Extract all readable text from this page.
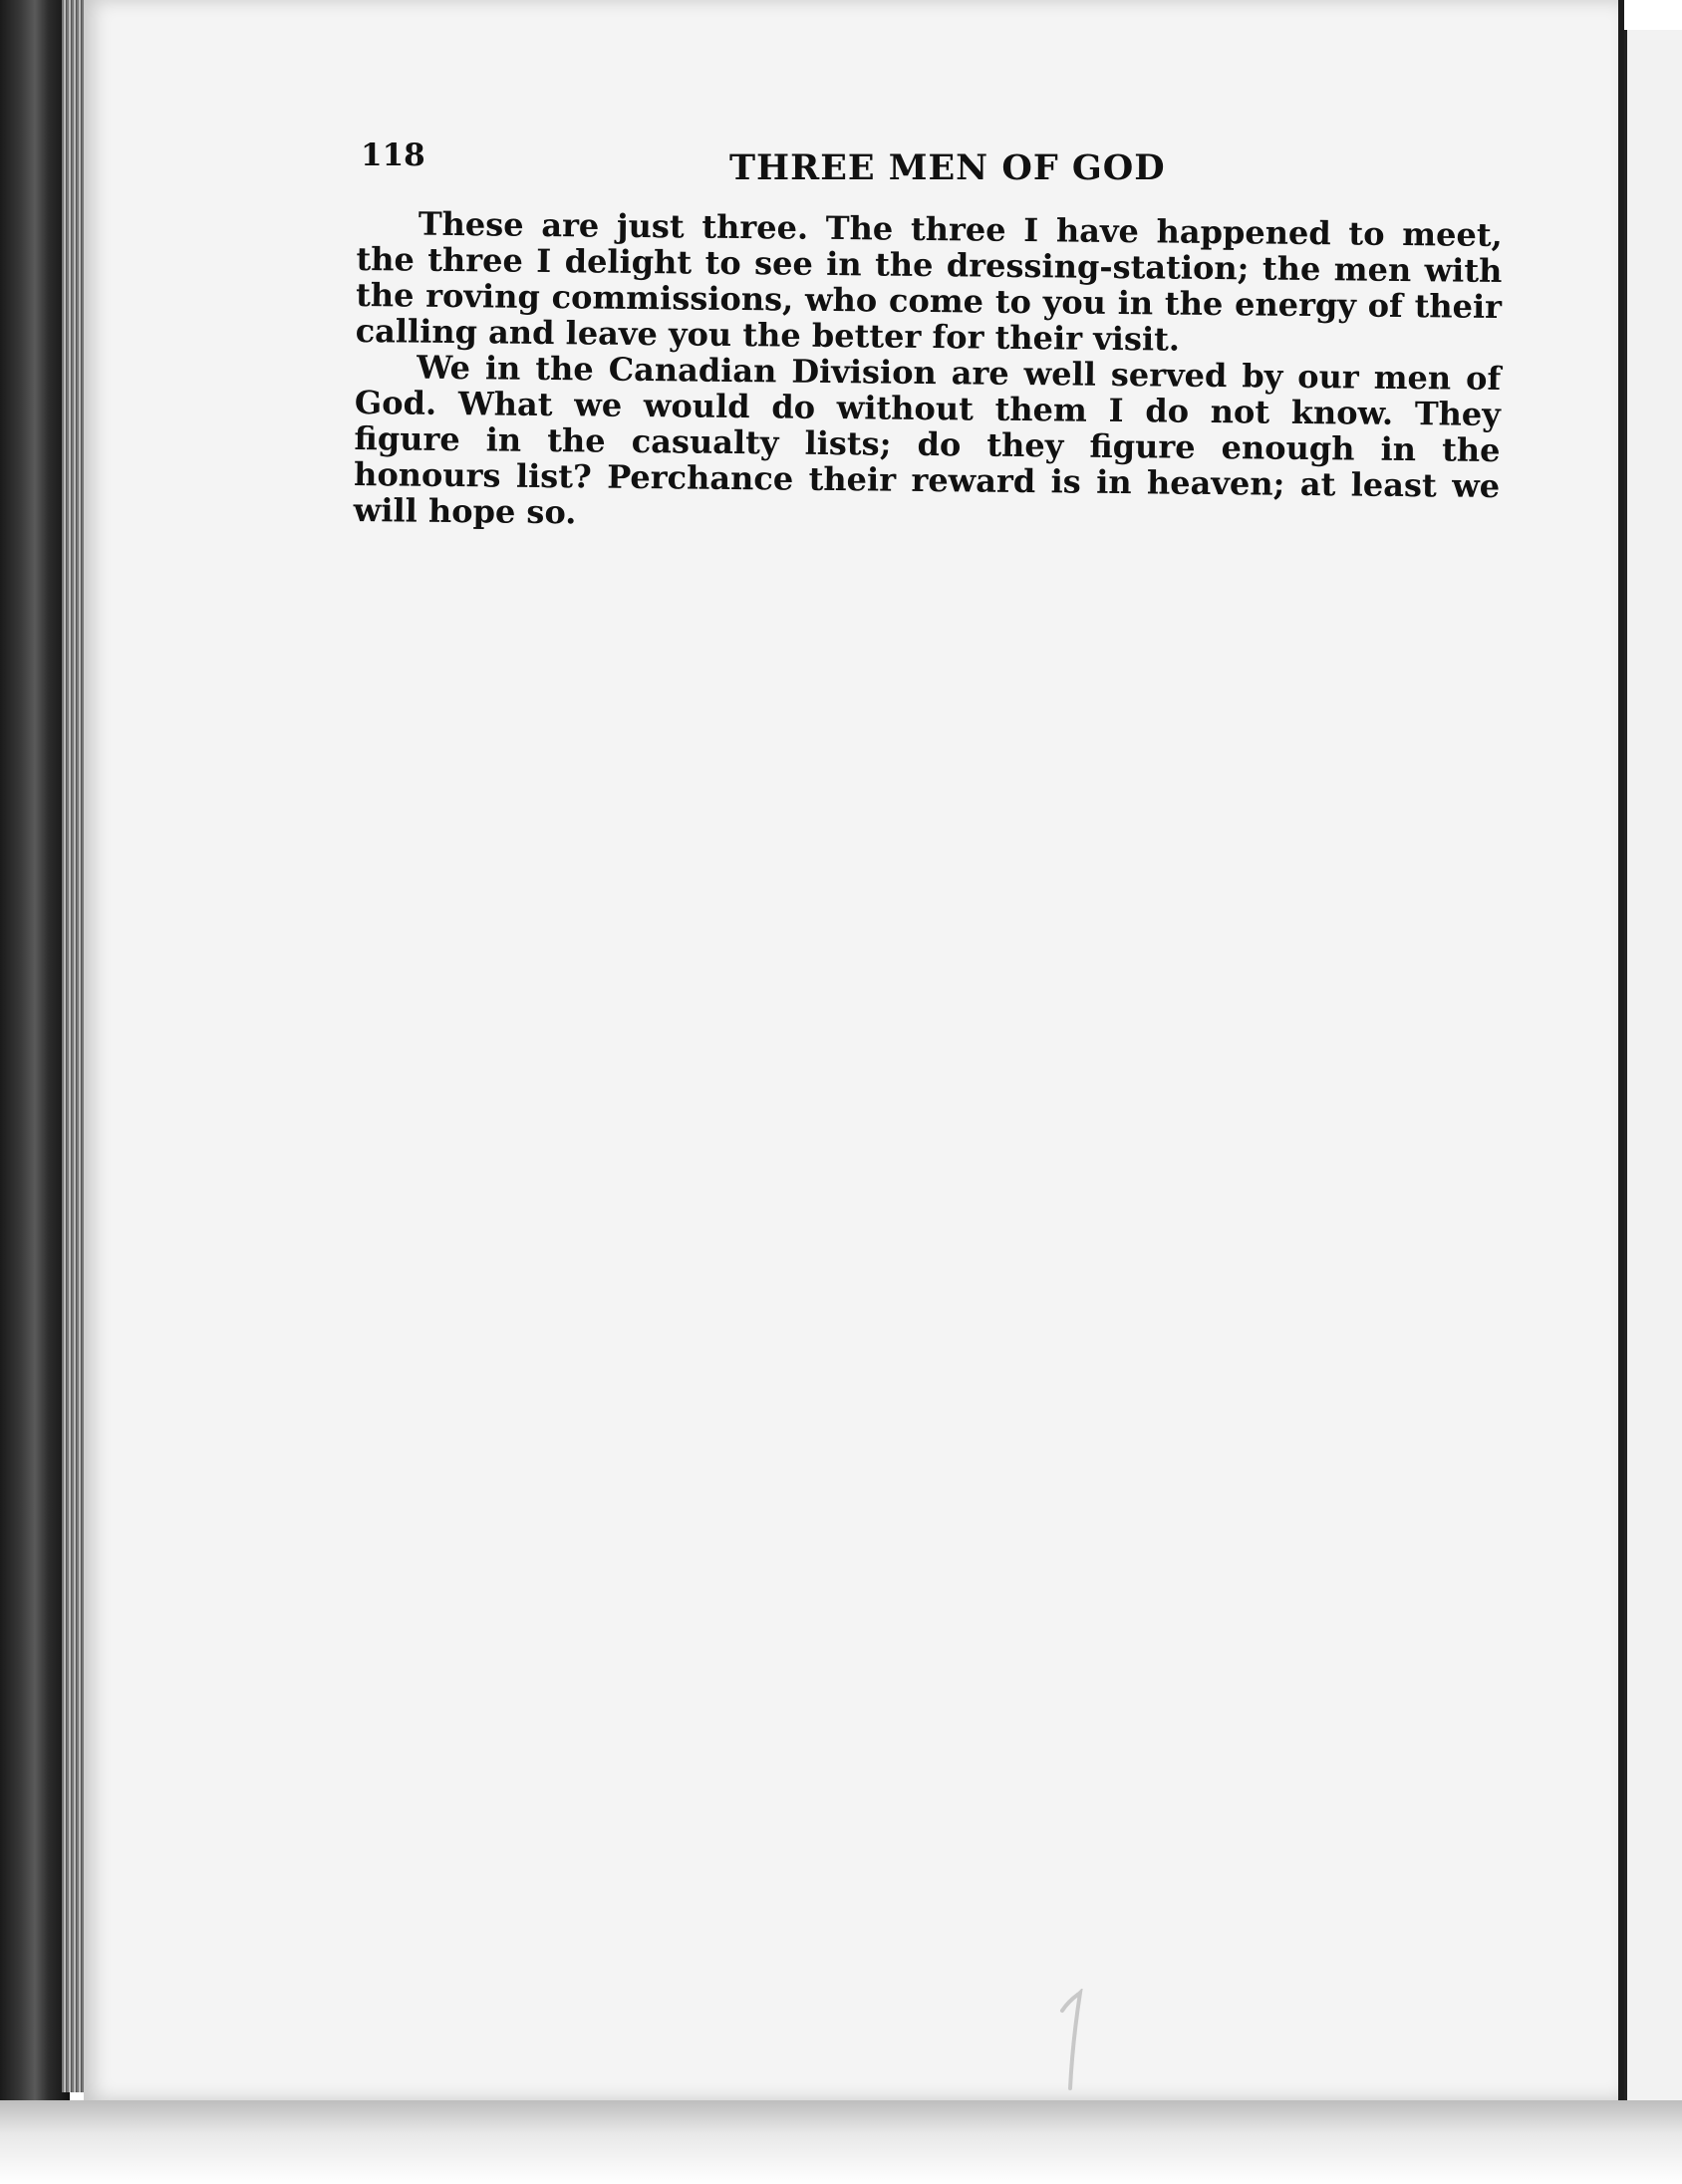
118	THREE MEN OF GOD

These are just three. The three I have happened to meet, the three I delight to see in the dressing-station; the men with the roving commissions, who come to you in the energy of their calling and leave you the better for their visit.

We in the Canadian Division are well served by our men of God. What we would do without them I do not know. They figure in the casualty lists; do they figure enough in the honours list? Perchance their reward is in heaven; at least we will hope so.
